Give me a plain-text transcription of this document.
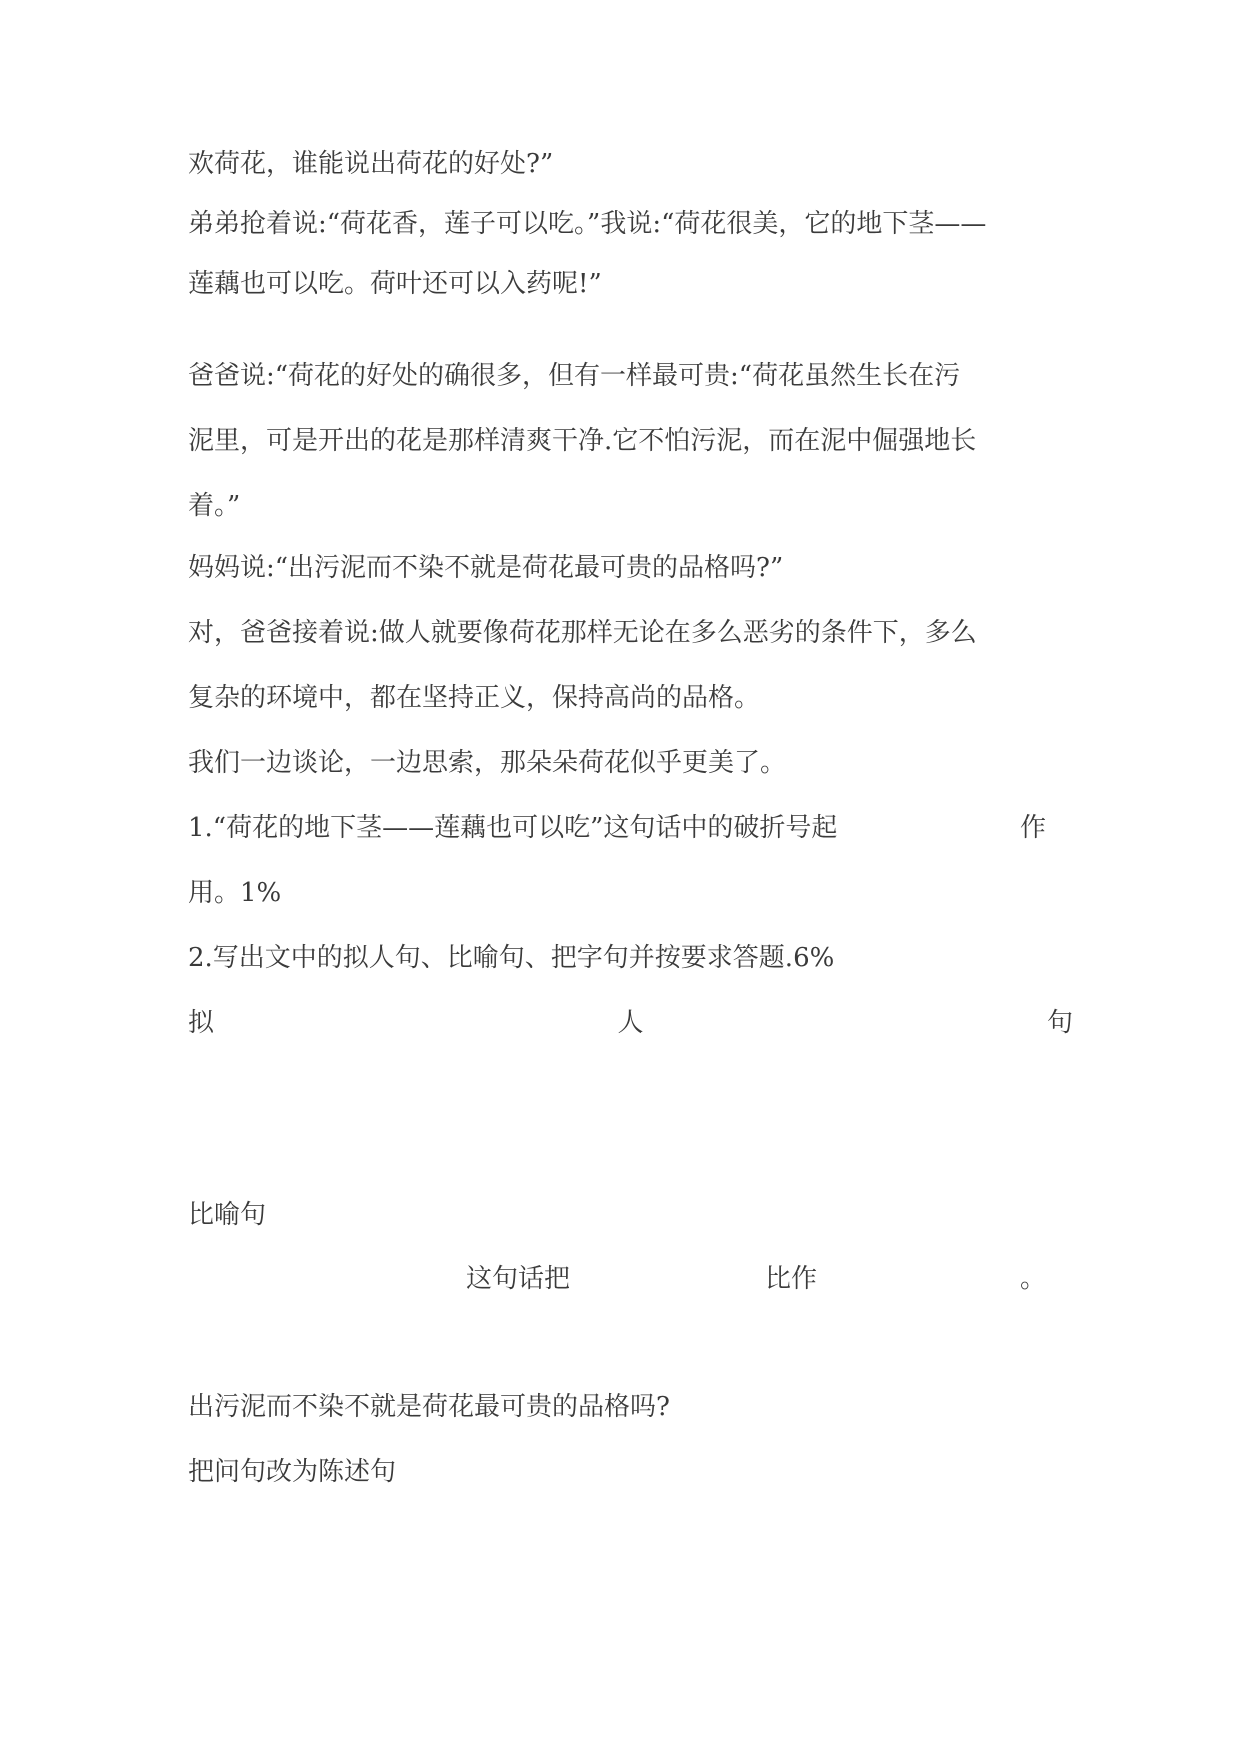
欢荷花，谁能说出荷花的好处?”
弟弟抢着说:“荷花香，莲子可以吃。”我说:“荷花很美，它的地下茎——
莲藕也可以吃。荷叶还可以入药呢!”
爸爸说:“荷花的好处的确很多，但有一样最可贵:“荷花虽然生长在污
泥里，可是开出的花是那样清爽干净.它不怕污泥，而在泥中倔强地长
着。”
妈妈说:“出污泥而不染不就是荷花最可贵的品格吗?”
对，爸爸接着说:做人就要像荷花那样无论在多么恶劣的条件下，多么
复杂的环境中，都在坚持正义，保持高尚的品格。
我们一边谈论，一边思索，那朵朵荷花似乎更美了。
1.“荷花的地下茎——莲藕也可以吃”这句话中的破折号起	作
用。1%
2.写出文中的拟人句、比喻句、把字句并按要求答题.6%
拟	人	句
比喻句
这句话把	比作	。
出污泥而不染不就是荷花最可贵的品格吗?
把问句改为陈述句
